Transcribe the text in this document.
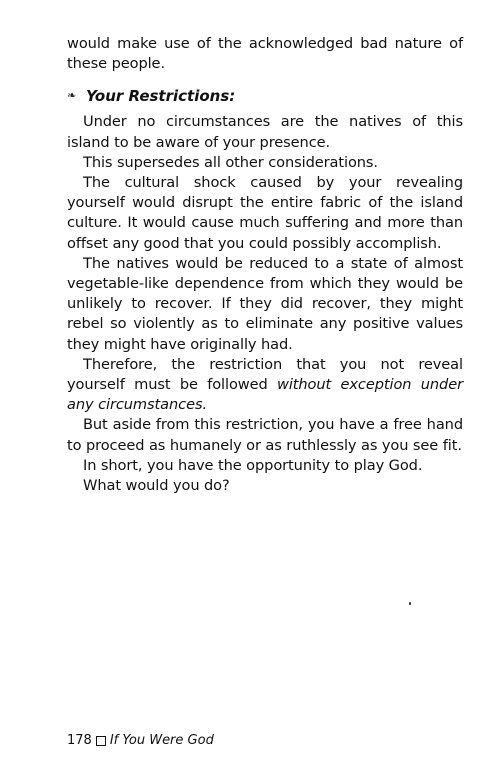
would make use of the acknowledged bad nature of these people.

❧ Your Restrictions:

Under no circumstances are the natives of this island to be aware of your presence.

This supersedes all other considerations.

The cultural shock caused by your revealing yourself would disrupt the entire fabric of the island culture. It would cause much suffering and more than offset any good that you could possibly accomplish.

The natives would be reduced to a state of almost vegetable-like dependence from which they would be unlikely to recover. If they did recover, they might rebel so violently as to eliminate any positive values they might have originally had.

Therefore, the restriction that you not reveal yourself must be followed without exception under any circumstances.

But aside from this restriction, you have a free hand to proceed as humanely or as ruthlessly as you see fit.

In short, you have the opportunity to play God.

What would you do?

178 If You Were God
